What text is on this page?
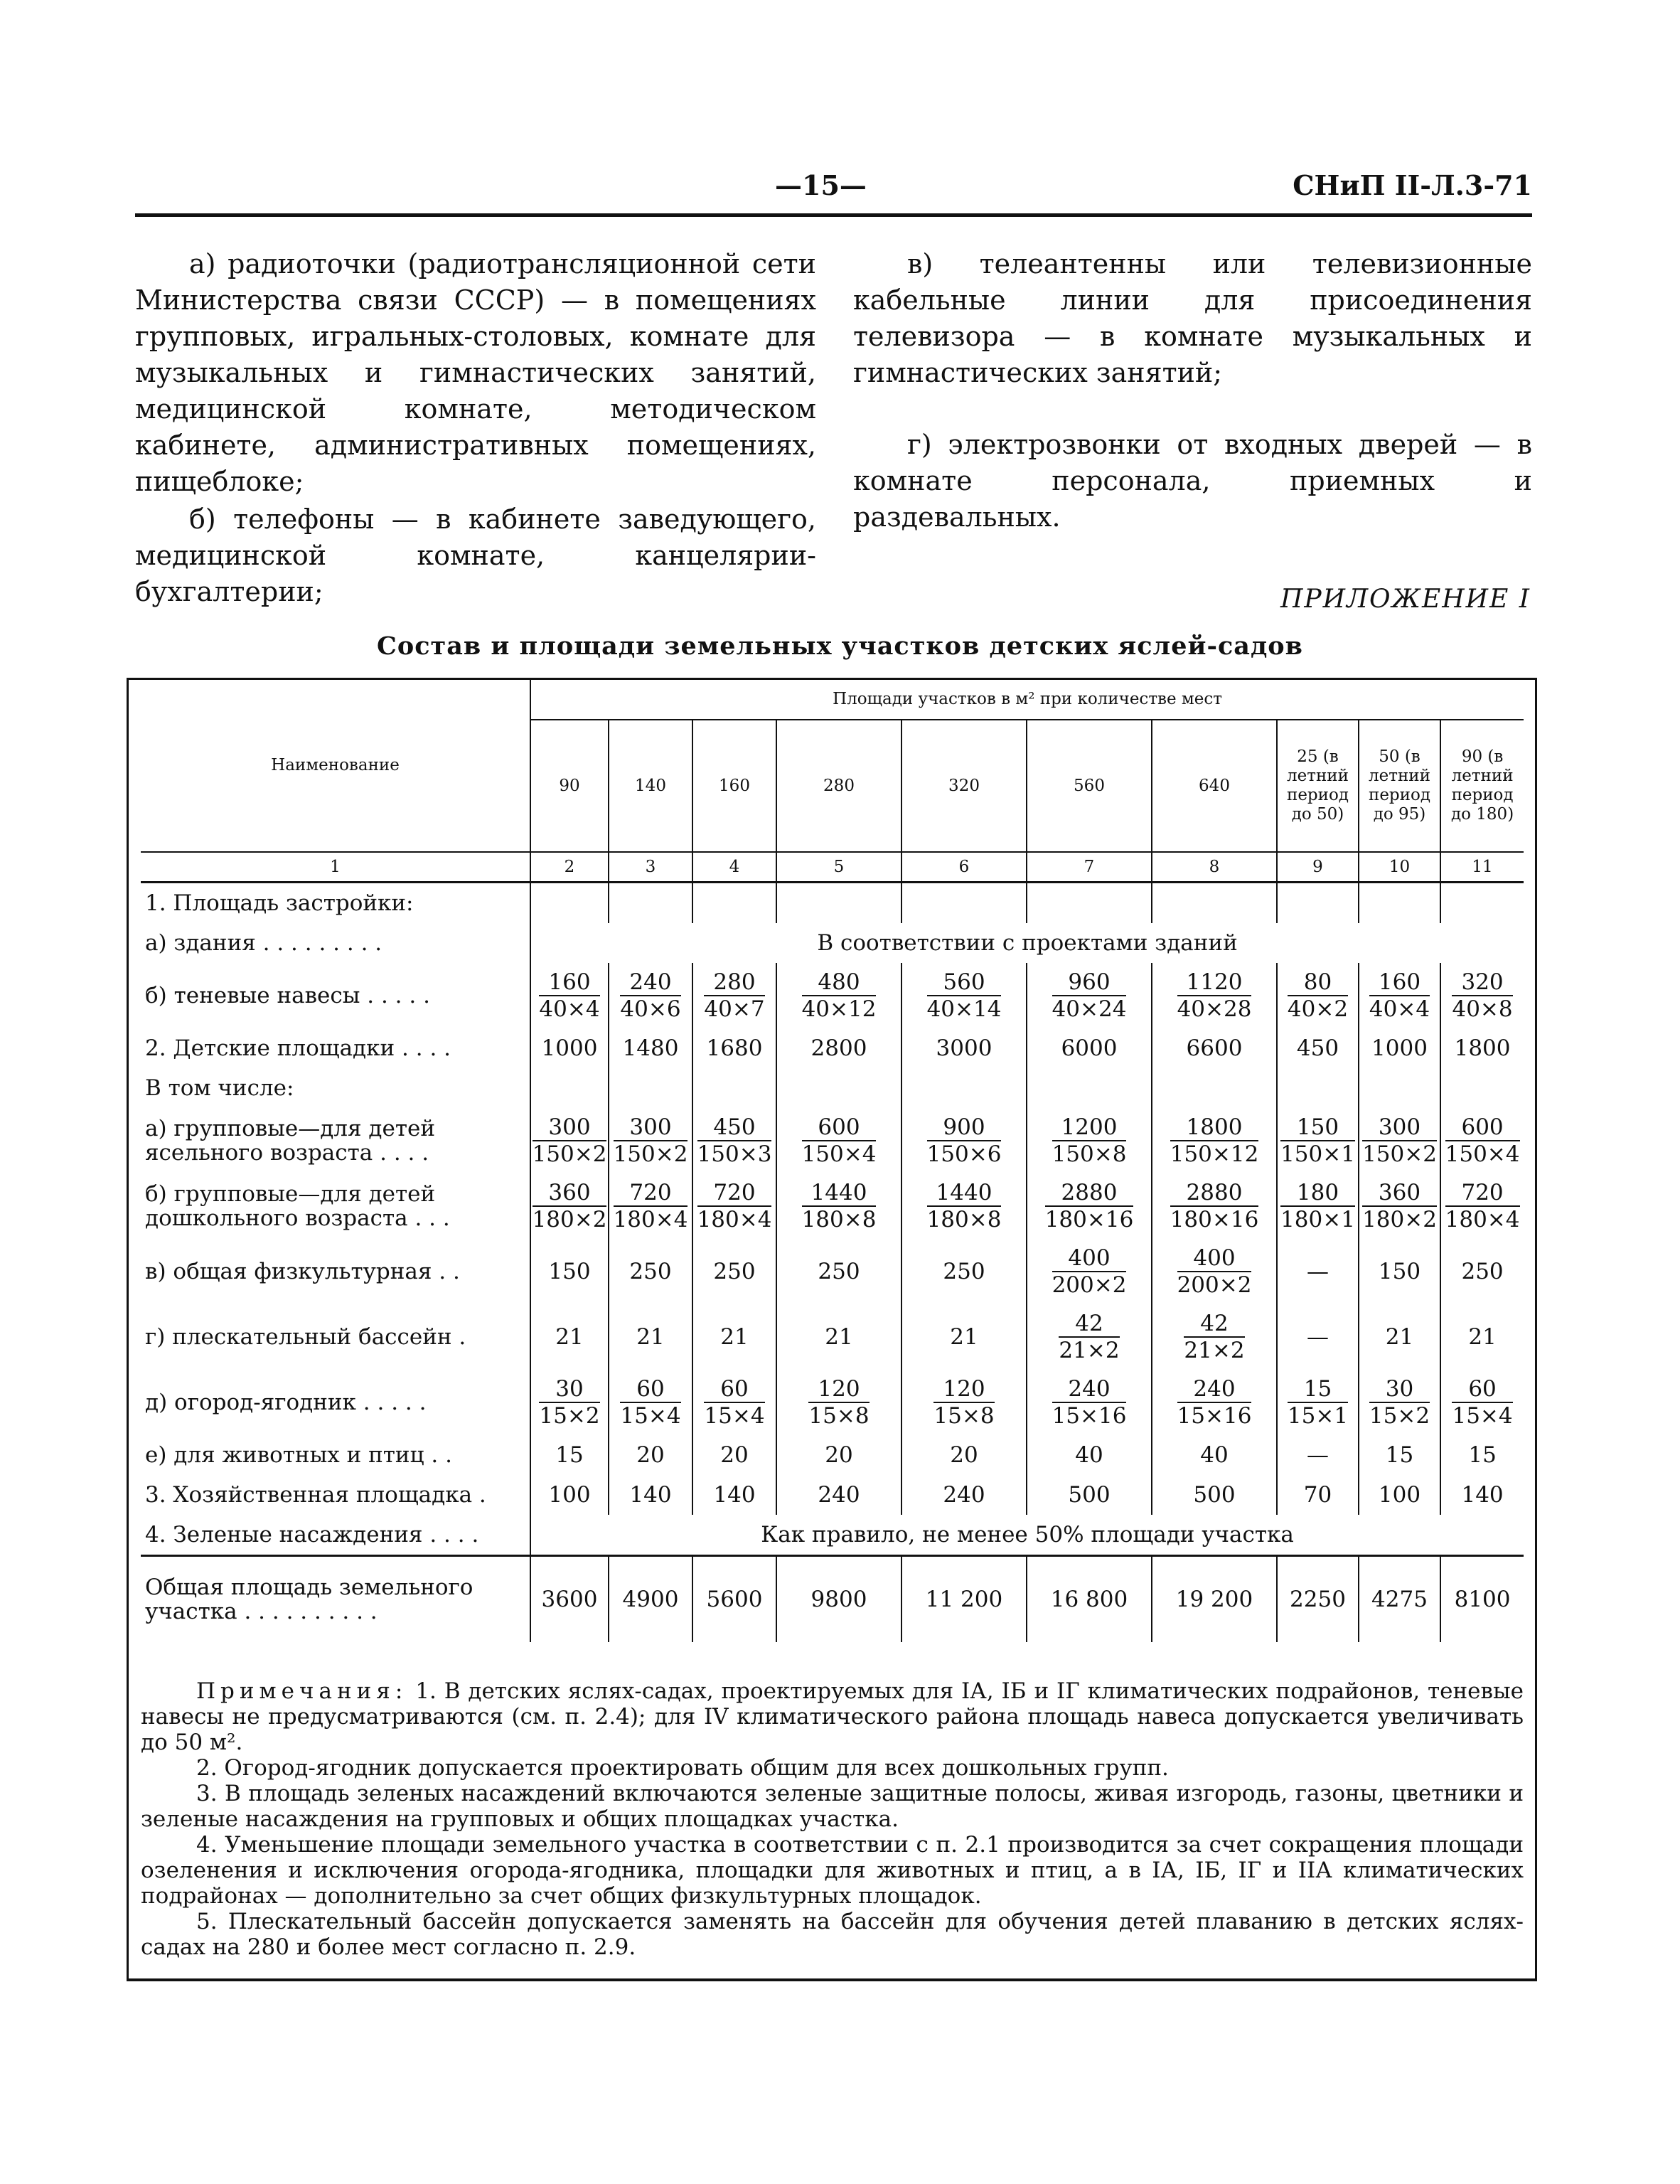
—15—	СНиП II-Л.3-71

а) радиоточки (радиотрансляционной сети Министерства связи СССР) — в помещениях групповых, игральных-столовых, комнате для музыкальных и гимнастических занятий, медицинской комнате, методическом кабинете, административных помещениях, пищеблоке;

б) телефоны — в кабинете заведующего, медицинской комнате, канцелярии-бухгалтерии;

в) телеантенны или телевизионные кабельные линии для присоединения телевизора — в комнате музыкальных и гимнастических занятий;

г) электрозвонки от входных дверей — в комнате персонала, приемных и раздевальных.

ПРИЛОЖЕНИЕ I
Состав и площади земельных участков детских яслей-садов
Наименование	Площади участков в м² при количестве мест									
	90	140	160	280	320	560	640	25 (в летний период до 50)	50 (в летний период до 95)	90 (в летний период до 180)
1	2	3	4	5	6	7	8	9	10	11
1. Площадь застройки:										
а) здания . . . . . . . . .	В соответствии с проектами зданий									
б) теневые навесы . . . . .	$\frac{160}{40\times 4}$	$\frac{240}{40\times 6}$	$\frac{280}{40\times 7}$	$\frac{480}{40\times 12}$	$\frac{560}{40\times 14}$	$\frac{960}{40\times 24}$	$\frac{1120}{40\times 28}$	$\frac{80}{40\times 2}$	$\frac{160}{40\times 4}$	$\frac{320}{40\times 8}$

2. Детские площадки . . . .	1000	1480	1680	2800	3000	6000	6600	450	1000	1800
В том числе:										
а) групповые—для детей ясельного возраста . . . .	$\frac{300}{150\times 2}$	$\frac{300}{150\times 2}$	$\frac{450}{150\times 3}$	$\frac{600}{150\times 4}$	$\frac{900}{150\times 6}$	$\frac{1200}{150\times 8}$	$\frac{1800}{150\times 12}$	$\frac{150}{150\times 1}$	$\frac{300}{150\times 2}$	$\frac{600}{150\times 4}$

б) групповые—для детей дошкольного возраста . . .	$\frac{360}{180\times 2}$	$\frac{720}{180\times 4}$	$\frac{720}{180\times 4}$	$\frac{1440}{180\times 8}$	$\frac{1440}{180\times 8}$	$\frac{2880}{180\times 16}$	$\frac{2880}{180\times 16}$	$\frac{180}{180\times 1}$	$\frac{360}{180\times 2}$	$\frac{720}{180\times 4}$

в) общая физкультурная . .	150	250	250	250	250	$\frac{400}{200\times 2}$	$\frac{400}{200\times 2}$	—	150	250
г) плескательный бассейн .	21	21	21	21	21	$\frac{42}{21\times 2}$	$\frac{42}{21\times 2}$	—	21	21
д) огород-ягодник . . . . .	$\frac{30}{15\times 2}$	$\frac{60}{15\times 4}$	$\frac{60}{15\times 4}$	$\frac{120}{15\times 8}$	$\frac{120}{15\times 8}$	$\frac{240}{15\times 16}$	$\frac{240}{15\times 16}$	$\frac{15}{15\times 1}$	$\frac{30}{15\times 2}$	$\frac{60}{15\times 4}$

е) для животных и птиц . .	15	20	20	20	20	40	40	—	15	15
3. Хозяйственная площадка .	100	140	140	240	240	500	500	70	100	140
4. Зеленые насаждения . . . .	Как правило, не менее 50% площади участка									
Общая площадь земельного участка . . . . . . . . . .	3600	4900	5600	9800	11 200	16 800	19 200	2250	4275	8100

Примечания: 1. В детских яслях-садах, проектируемых для IА, IБ и IГ климатических подрайонов, теневые навесы не предусматриваются (см. п. 2.4); для IV климатического района площадь навеса допускается увеличивать до 50 м².

2. Огород-ягодник допускается проектировать общим для всех дошкольных групп.

3. В площадь зеленых насаждений включаются зеленые защитные полосы, живая изгородь, газоны, цветники и зеленые насаждения на групповых и общих площадках участка.

4. Уменьшение площади земельного участка в соответствии с п. 2.1 производится за счет сокращения площади озеленения и исключения огорода-ягодника, площадки для животных и птиц, а в IА, IБ, IГ и IIА климатических подрайонах — дополнительно за счет общих физкультурных площадок.

5. Плескательный бассейн допускается заменять на бассейн для обучения детей плаванию в детских яслях-садах на 280 и более мест согласно п. 2.9.
